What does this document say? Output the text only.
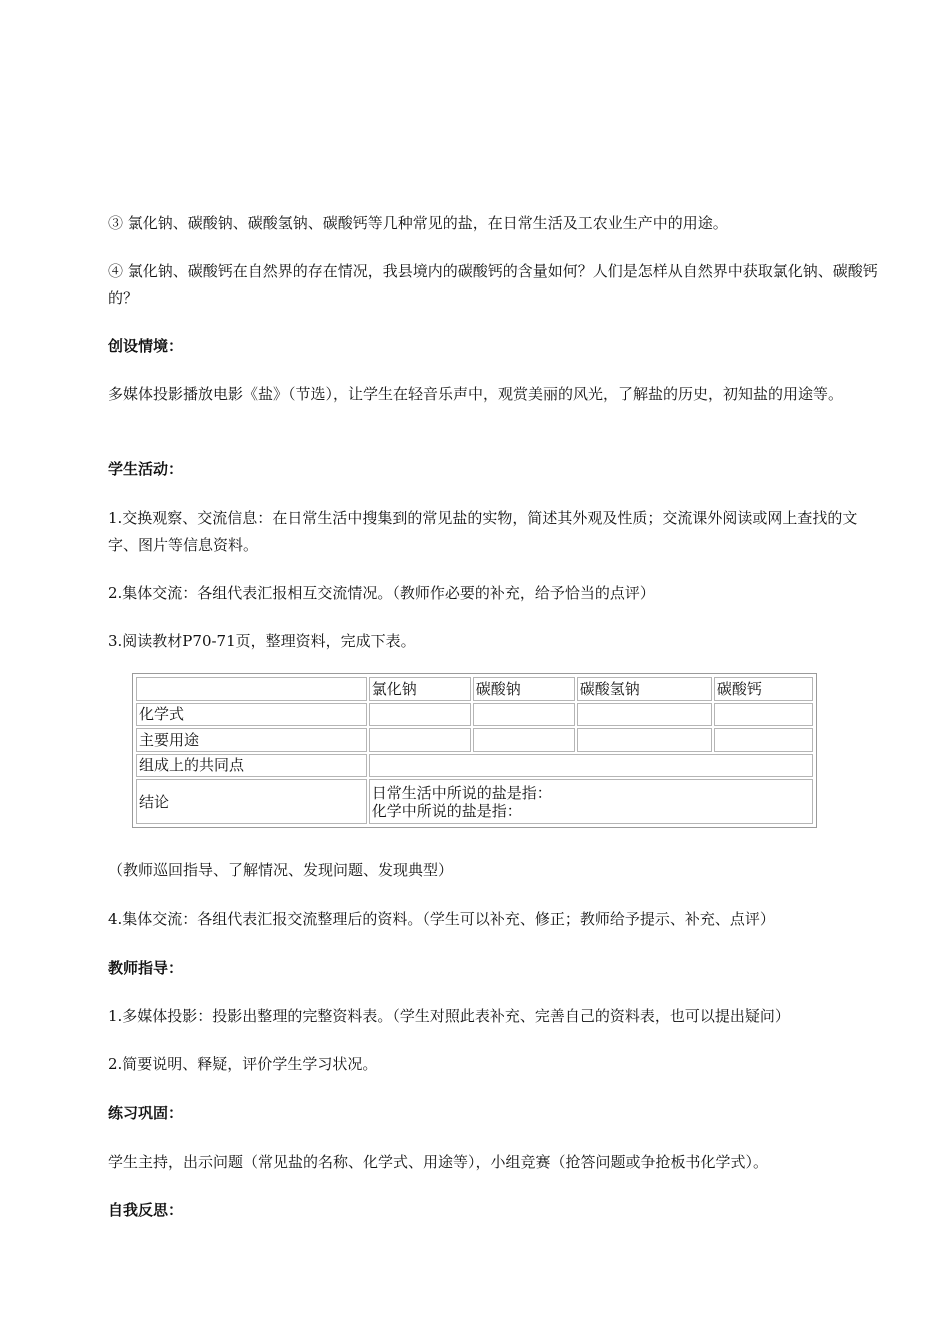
③ 氯化钠、碳酸钠、碳酸氢钠、碳酸钙等几种常见的盐，在日常生活及工农业生产中的用途。

④ 氯化钠、碳酸钙在自然界的存在情况，我县境内的碳酸钙的含量如何？人们是怎样从自然界中获取氯化钠、碳酸钙的？

创设情境：

多媒体投影播放电影《盐》（节选），让学生在轻音乐声中，观赏美丽的风光，了解盐的历史，初知盐的用途等。

学生活动：

1.交换观察、交流信息：在日常生活中搜集到的常见盐的实物，简述其外观及性质；交流课外阅读或网上查找的文字、图片等信息资料。

2.集体交流：各组代表汇报相互交流情况。（教师作必要的补充，给予恰当的点评）

3.阅读教材P70-71页，整理资料，完成下表。

	氯化钠	碳酸钠	碳酸氢钠	碳酸钙
化学式				
主要用途				
组成上的共同点				
结论	日常生活中所说的盐是指：
化学中所说的盐是指：			

（教师巡回指导、了解情况、发现问题、发现典型）

4.集体交流：各组代表汇报交流整理后的资料。（学生可以补充、修正；教师给予提示、补充、点评）

教师指导：

1.多媒体投影：投影出整理的完整资料表。（学生对照此表补充、完善自己的资料表，也可以提出疑问）

2.简要说明、释疑，评价学生学习状况。

练习巩固：

学生主持，出示问题（常见盐的名称、化学式、用途等），小组竞赛（抢答问题或争抢板书化学式）。

自我反思：
